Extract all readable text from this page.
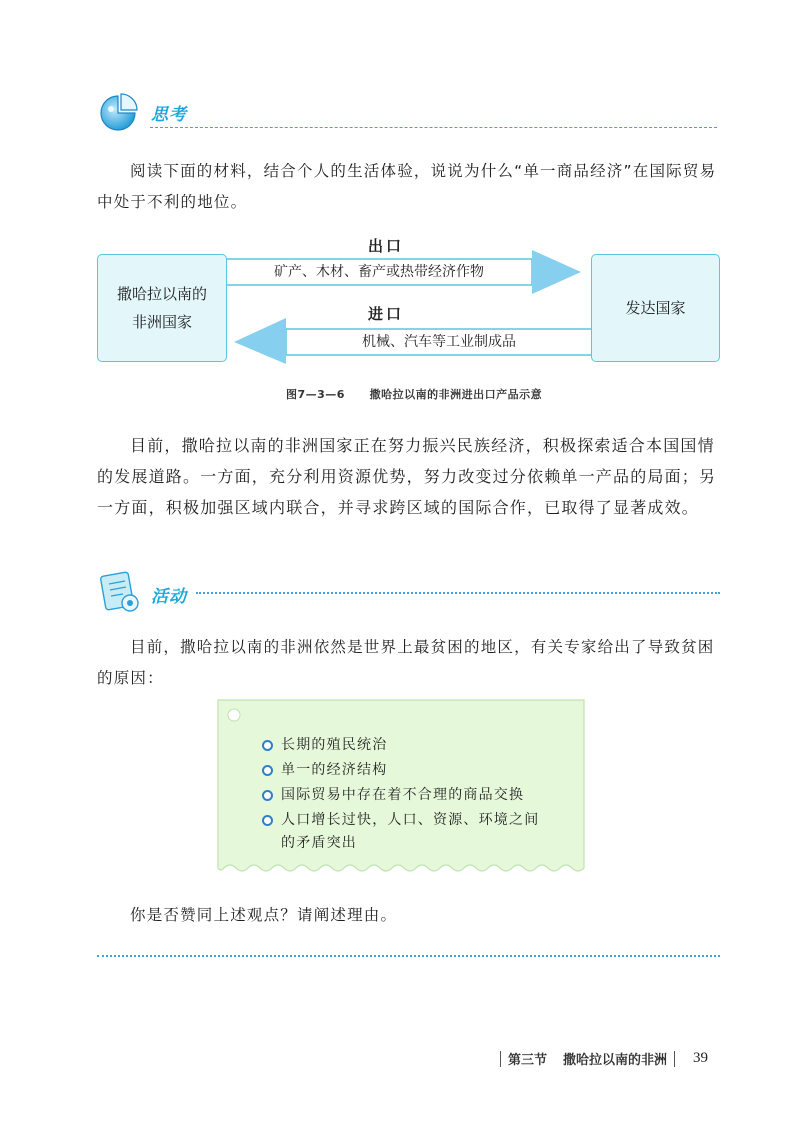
思考
阅读下面的材料，结合个人的生活体验，说说为什么“单一商品经济”在国际贸易中处于不利的地位。
撒哈拉以南的非洲国家
发达国家
出口
矿产、木材、畜产或热带经济作物
进口
机械、汽车等工业制成品
图7—3—6 撒哈拉以南的非洲进出口产品示意
目前，撒哈拉以南的非洲国家正在努力振兴民族经济，积极探索适合本国国情的发展道路。一方面，充分利用资源优势，努力改变过分依赖单一产品的局面；另一方面，积极加强区域内联合，并寻求跨区域的国际合作，已取得了显著成效。
活动
目前，撒哈拉以南的非洲依然是世界上最贫困的地区，有关专家给出了导致贫困的原因：
长期的殖民统治
单一的经济结构
国际贸易中存在着不合理的商品交换
人口增长过快，人口、资源、环境之间的矛盾突出
你是否赞同上述观点？请阐述理由。
第三节 撒哈拉以南的非洲 39
